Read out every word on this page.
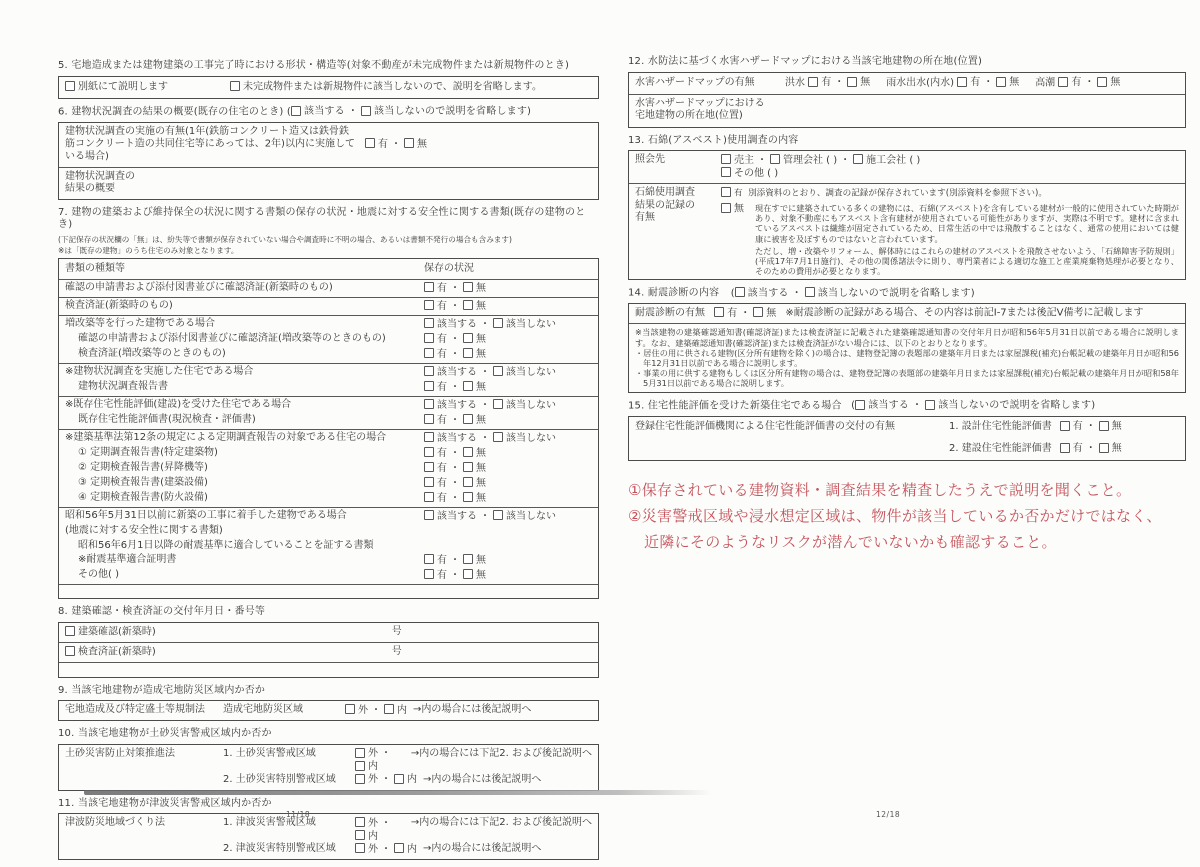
5. 宅地造成または建物建築の工事完了時における形状・構造等(対象不動産が未完成物件または新規物件のとき)
別紙にて説明します	未完成物件または新規物件に該当しないので、説明を省略します。
6. 建物状況調査の結果の概要(既存の住宅のとき) ( 該当する ・ 該当しないので説明を省略します)
建物状況調査の実施の有無(1年(鉄筋コンクリート造又は鉄骨鉄
筋コンクリート造の共同住宅等にあっては、2年)以内に実施して 有 ・ 無
いる場合)
建物状況調査の
結果の概要
7. 建物の建築および維持保全の状況に関する書類の保存の状況・地震に対する安全性に関する書類(既存の建物のとき)
(下記保存の状況欄の「無」は、紛失等で書類が保存されていない場合や調査時に不明の場合、あるいは書類不発行の場合も含みます)
※は「既存の建物」のうち住宅のみ対象となります。
書類の種類等	保存の状況
確認の申請書および添付図書並びに確認済証(新築時のもの)	有 ・ 無
検査済証(新築時のもの)	有 ・ 無
増改築等を行った建物である場合	該当する ・ 該当しない
確認の申請書および添付図書並びに確認済証(増改築等のときのもの)	有 ・ 無
検査済証(増改築等のときのもの)	有 ・ 無
※建物状況調査を実施した住宅である場合	該当する ・ 該当しない
建物状況調査報告書	有 ・ 無
※既存住宅性能評価(建設)を受けた住宅である場合	該当する ・ 該当しない
既存住宅性能評価書(現況検査・評価書)	有 ・ 無
※建築基準法第12条の規定による定期調査報告の対象である住宅の場合	該当する ・ 該当しない
① 定期調査報告書(特定建築物)	有 ・ 無
② 定期検査報告書(昇降機等)	有 ・ 無
③ 定期検査報告書(建築設備)	有 ・ 無
④ 定期検査報告書(防火設備)	有 ・ 無
昭和56年5月31日以前に新築の工事に着手した建物である場合	該当する ・ 該当しない
(地震に対する安全性に関する書類)
昭和56年6月1日以降の耐震基準に適合していることを証する書類
※耐震基準適合証明書	有 ・ 無
その他( )	有 ・ 無
8. 建築確認・検査済証の交付年月日・番号等
建築確認(新築時)	号
検査済証(新築時)	号
9. 当該宅地建物が造成宅地防災区域内か否か
宅地造成及び特定盛土等規制法	造成宅地防災区域	外 ・ 内 →内の場合には後記説明へ
10. 当該宅地建物が土砂災害警戒区域内か否か
土砂災害防止対策推進法	1. 土砂災害警戒区域	外 ・内
→内の場合には下記2. および後記説明へ
2. 土砂災害特別警戒区域	外 ・ 内 →内の場合には後記説明へ
11. 当該宅地建物が津波災害警戒区域内か否か
津波防災地域づくり法	1. 津波災害警戒区域	外 ・内
→内の場合には下記2. および後記説明へ
2. 津波災害特別警戒区域	外 ・ 内 →内の場合には後記説明へ
12. 水防法に基づく水害ハザードマップにおける当該宅地建物の所在地(位置)
水害ハザードマップの有無	洪水 有 ・ 無 雨水出水(内水) 有 ・ 無 高潮 有 ・ 無
水害ハザードマップにおける
宅地建物の所在地(位置)
13. 石綿(アスベスト)使用調査の内容
照会先	売主 ・ 管理会社 ( ) ・ 施工会社 ( )
その他 ( )
石綿使用調査
結果の記録の
有無
有 別添資料のとおり、調査の記録が保存されています(別添資料を参照下さい)。
無	現在すでに建築されている多くの建物には、石綿(アスベスト)を含有している建材が一般的に使用されていた時期があり、対象不動産にもアスベスト含有建材が使用されている可能性がありますが、実際は不明です。建材に含まれているアスベストは繊維が固定されているため、日常生活の中では飛散することはなく、通常の使用においては健康に被害を及ぼすものではないと言われています。
ただし、増・改築やリフォーム、解体時にはこれらの建材のアスベストを飛散させないよう、「石綿障害予防規則」(平成17年7月1日施行)、その他の関係諸法令に則り、専門業者による適切な施工と産業廃棄物処理が必要となり、そのための費用が必要となります。
14. 耐震診断の内容 ( 該当する ・ 該当しないので説明を省略します)
耐震診断の有無 有 ・ 無 ※耐震診断の記録がある場合、その内容は前記Ⅰ-7または後記Ⅴ備考に記載します
※当該建物の建築確認通知書(確認済証)または検査済証に記載された建築確認通知書の交付年月日が昭和56年5月31日以前である場合に説明します。なお、建築確認通知書(確認済証)または検査済証がない場合には、以下のとおりとなります。
・居住の用に供される建物(区分所有建物を除く)の場合は、建物登記簿の表題部の建築年月日または家屋課税(補充)台帳記載の建築年月日が昭和56年12月31日以前である場合に説明します。
・事業の用に供する建物もしくは区分所有建物の場合は、建物登記簿の表題部の建築年月日または家屋課税(補充)台帳記載の建築年月日が昭和58年5月31日以前である場合に説明します。
15. 住宅性能評価を受けた新築住宅である場合 ( 該当する ・ 該当しないので説明を省略します)
登録住宅性能評価機関による住宅性能評価書の交付の有無	1. 設計住宅性能評価書	有 ・ 無
2. 建設住宅性能評価書	有 ・ 無
①保存されている建物資料・調査結果を精査したうえで説明を聞くこと。
②災害警戒区域や浸水想定区域は、物件が該当しているか否かだけではなく、
近隣にそのようなリスクが潜んでいないかも確認すること。
11/18	12/18
